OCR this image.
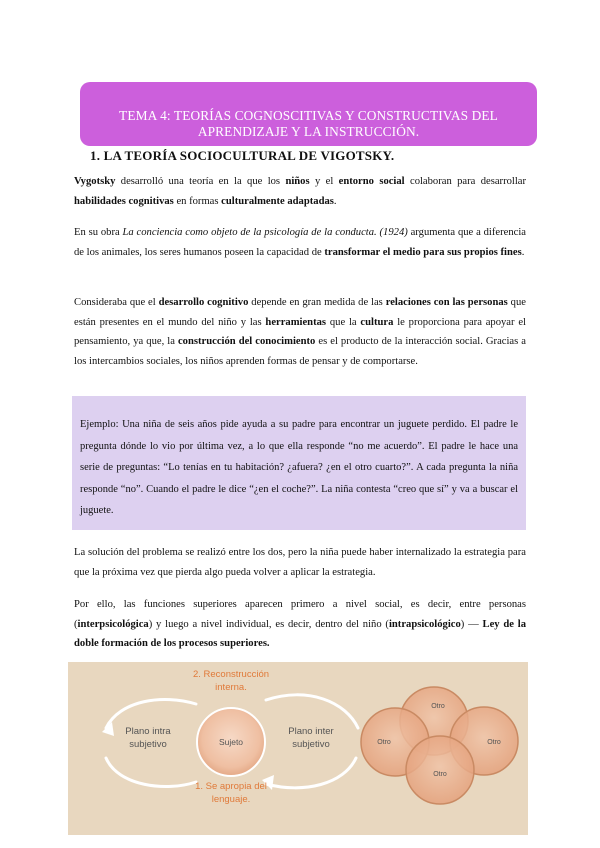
TEMA 4: TEORÍAS COGNOSCITIVAS Y CONSTRUCTIVAS DEL
APRENDIZAJE Y LA INSTRUCCIÓN.
1. LA TEORÍA SOCIOCULTURAL DE VIGOTSKY.
Vygotsky desarrolló una teoría en la que los niños y el entorno social colaboran para desarrollar habilidades cognitivas en formas culturalmente adaptadas.
En su obra La conciencia como objeto de la psicología de la conducta. (1924) argumenta que a diferencia de los animales, los seres humanos poseen la capacidad de transformar el medio para sus propios fines.
Consideraba que el desarrollo cognitivo depende en gran medida de las relaciones con las personas que están presentes en el mundo del niño y las herramientas que la cultura le proporciona para apoyar el pensamiento, ya que, la construcción del conocimiento es el producto de la interacción social. Gracias a los intercambios sociales, los niños aprenden formas de pensar y de comportarse.
Ejemplo: Una niña de seis años pide ayuda a su padre para encontrar un juguete perdido. El padre le pregunta dónde lo vio por última vez, a lo que ella responde “no me acuerdo”. El padre le hace una serie de preguntas: “Lo tenías en tu habitación? ¿afuera? ¿en el otro cuarto?”. A cada pregunta la niña responde “no”. Cuando el padre le dice “¿en el coche?”. La niña contesta “creo que sí” y va a buscar el juguete.
La solución del problema se realizó entre los dos, pero la niña puede haber internalizado la estrategia para que la próxima vez que pierda algo pueda volver a aplicar la estrategia.
Por ello, las funciones superiores aparecen primero a nivel social, es decir, entre personas (interpsicológica) y luego a nivel individual, es decir, dentro del niño (intrapsicológico) — Ley de la doble formación de los procesos superiores.
2. Reconstrucción
interna.
Plano intra
subjetivo	Sujeto
Plano inter
subjetivo
1. Se apropia del
lenguaje.
Otro
Otro	Otro
Otro
